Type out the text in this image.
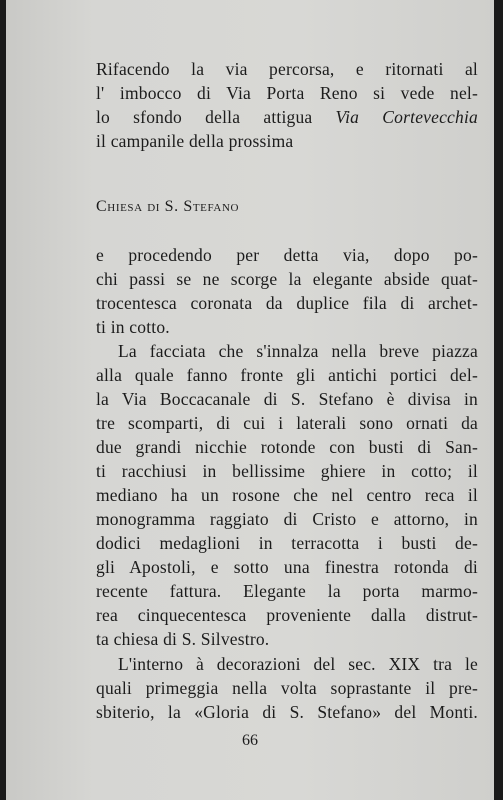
Rifacendo la via percorsa, e ritornati al
l' imbocco di Via Porta Reno si vede nel-
lo sfondo della attigua Via Cortevecchia
il campanile della prossima
Chiesa di S. Stefano
e procedendo per detta via, dopo po-
chi passi se ne scorge la elegante abside quat-
trocentesca coronata da duplice fila di archet-
ti in cotto.
La facciata che s'innalza nella breve piazza
alla quale fanno fronte gli antichi portici del-
la Via Boccacanale di S. Stefano è divisa in
tre scomparti, di cui i laterali sono ornati da
due grandi nicchie rotonde con busti di San-
ti racchiusi in bellissime ghiere in cotto; il
mediano ha un rosone che nel centro reca il
monogramma raggiato di Cristo e attorno, in
dodici medaglioni in terracotta i busti de-
gli Apostoli, e sotto una finestra rotonda di
recente fattura. Elegante la porta marmo-
rea cinquecentesca proveniente dalla distrut-
ta chiesa di S. Silvestro.
L'interno à decorazioni del sec. XIX tra le
quali primeggia nella volta soprastante il pre-
sbiterio, la «Gloria di S. Stefano» del Monti.
66
